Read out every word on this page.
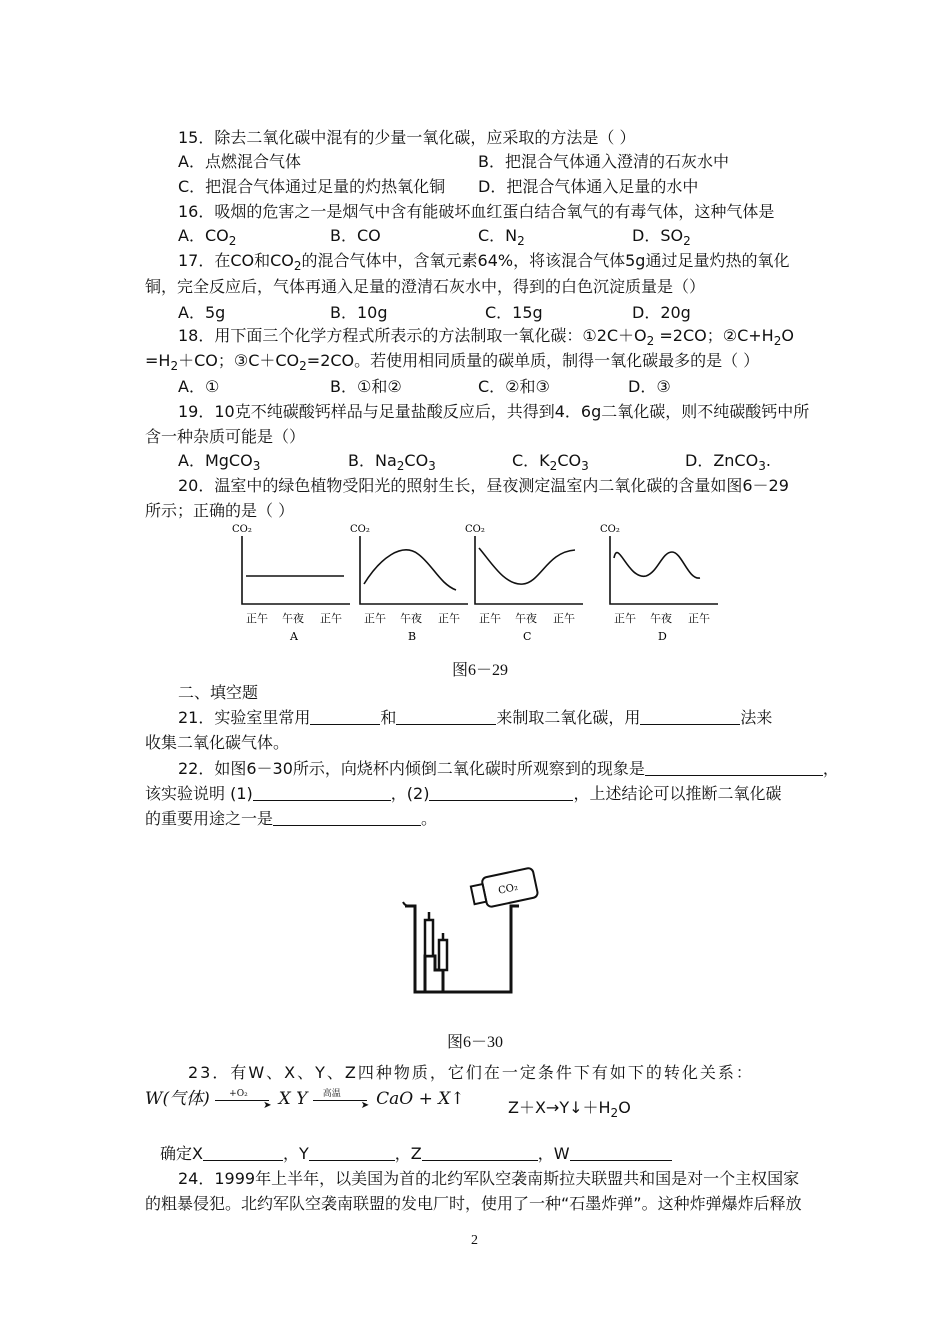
15．除去二氧化碳中混有的少量一氧化碳，应采取的方法是（ ）
A．点燃混合气体	B．把混合气体通入澄清的石灰水中
C．把混合气体通过足量的灼热氧化铜 D．把混合气体通入足量的水中
16．吸烟的危害之一是烟气中含有能破坏血红蛋白结合氧气的有毒气体，这种气体是
A．$CO_2$	B．CO	C．$N_2$	D．$SO_2$
17．在CO和$CO_2$的混合气体中，含氧元素64%，将该混合气体5g通过足量灼热的氧化
铜，完全反应后，气体再通入足量的澄清石灰水中，得到的白色沉淀质量是（）
A．5g	B．10g	C．15g	D．20g
18．用下面三个化学方程式所表示的方法制取一氧化碳：$①2C+O_2 =2CO$；$②C+H_2O$
$=H_2+CO$；$③C+CO_2=2CO$。若使用相同质量的碳单质，制得一氧化碳最多的是（ ）
A．①	B．①和②	C．②和③	D．③
19．10克不纯碳酸钙样品与足量盐酸反应后，共得到4．6g二氧化碳，则不纯碳酸钙中所
含一种杂质可能是（）
A．MgCO$_3$	B．$Na_2CO_3$	C．$K_2CO_3$	D．ZnCO$_3$.
20．温室中的绿色植物受阳光的照射生长，昼夜测定温室内二氧化碳的含量如图6－29
所示；正确的是（ ）
CO₂
正午 午夜 正午
A
CO₂
正午 午夜 正午
B
CO₂
正午 午夜 正午
C
CO₂
正午 午夜 正午
D
图6－29
二、填空题
21．实验室里常用	和	来制取二氧化碳，用	法来
收集二氧化碳气体。
22．如图6－30所示，向烧杯内倾倒二氧化碳时所观察到的现象是	，
该实验说明 (1)	，(2)	，上述结论可以推断二氧化碳
的重要用途之一是	。
CO₂
图6－30
23．有W、X、Y、Z四种物质，它们在一定条件下有如下的转化关系：
W(气体) +O₂
➤ X Y 高温
➤ CaO + X↑	$Z+X\to Y↓+H_2O$
确定X	，Y	，Z	，W
24．1999年上半年，以美国为首的北约军队空袭南斯拉夫联盟共和国是对一个主权国家
的粗暴侵犯。北约军队空袭南联盟的发电厂时，使用了一种“石墨炸弹”。这种炸弹爆炸后释放
2
